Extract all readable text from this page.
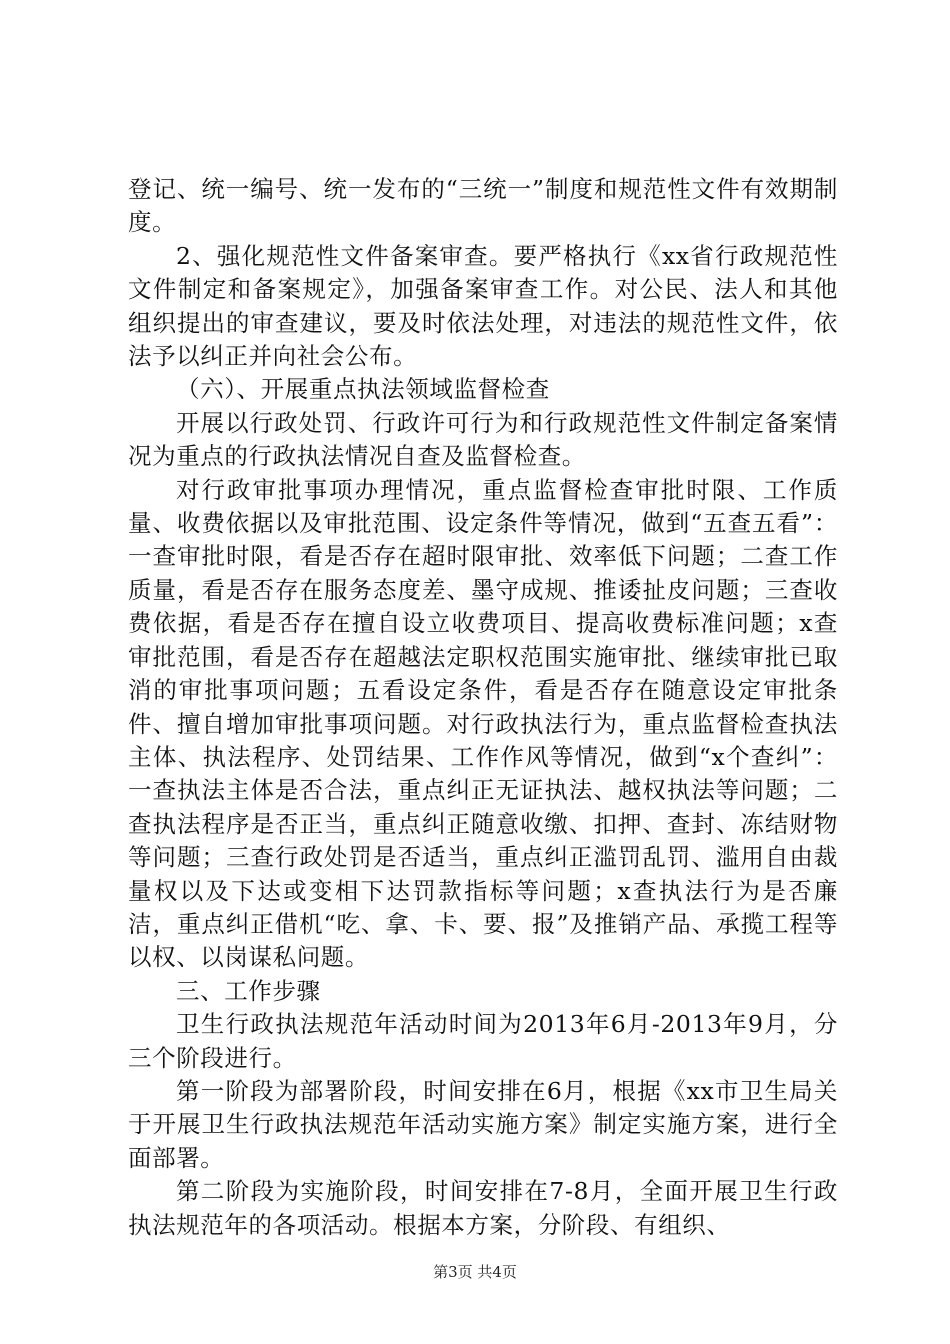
登记、统一编号、统一发布的“三统一”制度和规范性文件有效期制度。

2、强化规范性文件备案审查。要严格执行《xx省行政规范性文件制定和备案规定》，加强备案审查工作。对公民、法人和其他组织提出的审查建议，要及时依法处理，对违法的规范性文件，依法予以纠正并向社会公布。

（六）、开展重点执法领域监督检查

开展以行政处罚、行政许可行为和行政规范性文件制定备案情况为重点的行政执法情况自查及监督检查。

对行政审批事项办理情况，重点监督检查审批时限、工作质量、收费依据以及审批范围、设定条件等情况，做到“五查五看”：一查审批时限，看是否存在超时限审批、效率低下问题；二查工作质量，看是否存在服务态度差、墨守成规、推诿扯皮问题；三查收费依据，看是否存在擅自设立收费项目、提高收费标准问题；x查审批范围，看是否存在超越法定职权范围实施审批、继续审批已取消的审批事项问题；五看设定条件，看是否存在随意设定审批条件、擅自增加审批事项问题。对行政执法行为，重点监督检查执法主体、执法程序、处罚结果、工作作风等情况，做到“x个查纠”：一查执法主体是否合法，重点纠正无证执法、越权执法等问题；二查执法程序是否正当，重点纠正随意收缴、扣押、查封、冻结财物等问题；三查行政处罚是否适当，重点纠正滥罚乱罚、滥用自由裁量权以及下达或变相下达罚款指标等问题；x查执法行为是否廉洁，重点纠正借机“吃、拿、卡、要、报”及推销产品、承揽工程等以权、以岗谋私问题。

三、工作步骤

卫生行政执法规范年活动时间为2013年6月-2013年9月，分三个阶段进行。

第一阶段为部署阶段，时间安排在6月，根据《xx市卫生局关于开展卫生行政执法规范年活动实施方案》制定实施方案，进行全面部署。

第二阶段为实施阶段，时间安排在7-8月，全面开展卫生行政执法规范年的各项活动。根据本方案，分阶段、有组织、

第3页 共4页
